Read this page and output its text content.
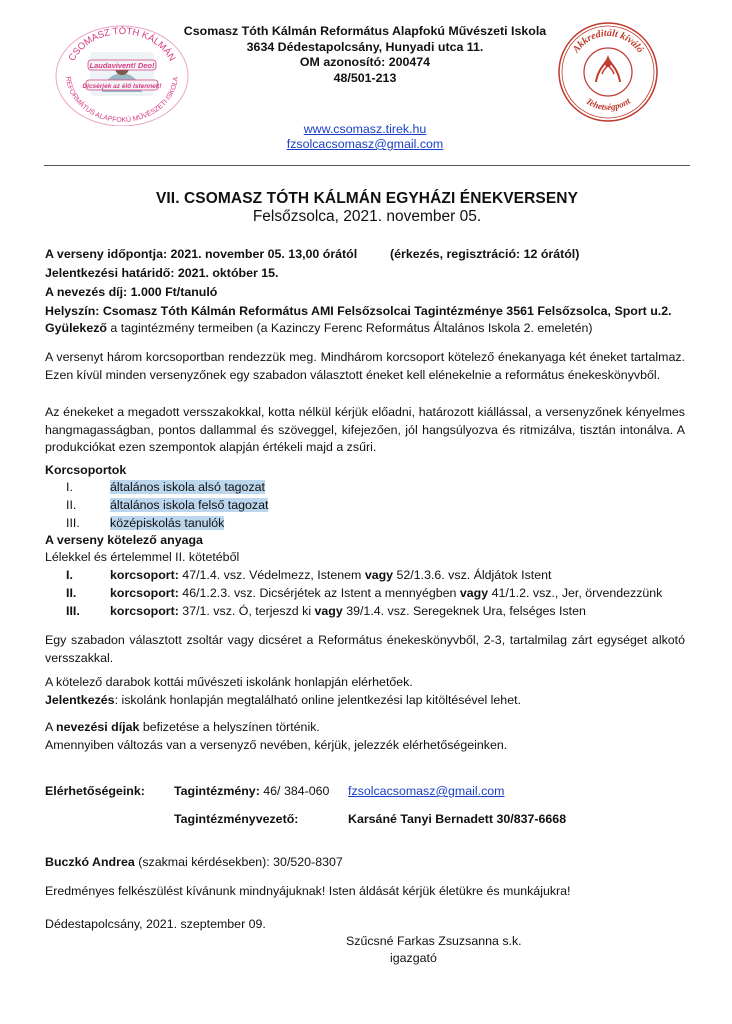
CSOMASZ TÓTH KÁLMÁN
REFORMÁTUS ALAPFOKÚ MŰVÉSZETI ISKOLA
Laudavivent! Deo!
Dicsérjek az élő Istennek!
Csomasz Tóth Kálmán Református Alapfokú Művészeti Iskola
3634 Dédestapolcsány, Hunyadi utca 11.
OM azonosító: 200474
48/501-213
Akkreditált kiváló
Tehetségpont
www.csomasz.tirek.hu
fzsolcacsomasz@gmail.com
VII. CSOMASZ TÓTH KÁLMÁN EGYHÁZI ÉNEKVERSENY
Felsőzsolca, 2021. november 05.
A verseny időpontja: 2021. november 05. 13,00 órától	(érkezés, regisztráció: 12 órától)
Jelentkezési határidő: 2021. október 15.
A nevezés díj: 1.000 Ft/tanuló
Helyszín: Csomasz Tóth Kálmán Református AMI Felsőzsolcai Tagintézménye 3561 Felsőzsolca, Sport u.2.
Gyülekező a tagintézmény termeiben (a Kazinczy Ferenc Református Általános Iskola 2. emeletén)
A versenyt három korcsoportban rendezzük meg. Mindhárom korcsoport kötelező énekanyaga két éneket tartalmaz. Ezen kívül minden versenyzőnek egy szabadon választott éneket kell elénekelnie a református énekeskönyvből.
Az énekeket a megadott versszakokkal, kotta nélkül kérjük előadni, határozott kiállással, a versenyzőnek kényelmes hangmagasságban, pontos dallammal és szöveggel, kifejezően, jól hangsúlyozva és ritmizálva, tisztán intonálva. A produkciókat ezen szempontok alapján értékeli majd a zsűri.
Korcsoportok
I.	általános iskola alsó tagozat
II.	általános iskola felső tagozat
III. középiskolás tanulók
A verseny kötelező anyaga
Lélekkel és értelemmel II. kötetéből
I.	korcsoport: 47/1.4. vsz. Védelmezz, Istenem vagy 52/1.3.6. vsz. Áldjátok Istent
II.	korcsoport: 46/1.2.3. vsz. Dicsérjétek az Istent a mennyégben vagy 41/1.2. vsz., Jer, örvendezzünk
III. korcsoport: 37/1. vsz. Ó, terjeszd ki vagy 39/1.4. vsz. Seregeknek Ura, felséges Isten
Egy szabadon választott zsoltár vagy dicséret a Református énekeskönyvből, 2-3, tartalmilag zárt egységet alkotó versszakkal.
A kötelező darabok kottái művészeti iskolánk honlapján elérhetőek.
Jelentkezés: iskolánk honlapján megtalálható online jelentkezési lap kitöltésével lehet.
A nevezési díjak befizetése a helyszínen történik.
Amennyiben változás van a versenyző nevében, kérjük, jelezzék elérhetőségeinken.
Elérhetőségeink: Tagintézmény: 46/ 384-060 fzsolcacsomasz@gmail.com
Tagintézményvezető:	Karsáné Tanyi Bernadett 30/837-6668
Buczkó Andrea (szakmai kérdésekben): 30/520-8307
Eredményes felkészülést kívánunk mindnyájuknak! Isten áldását kérjük életükre és munkájukra!
Dédestapolcsány, 2021. szeptember 09.
Szűcsné Farkas Zsuzsanna s.k.
igazgató
